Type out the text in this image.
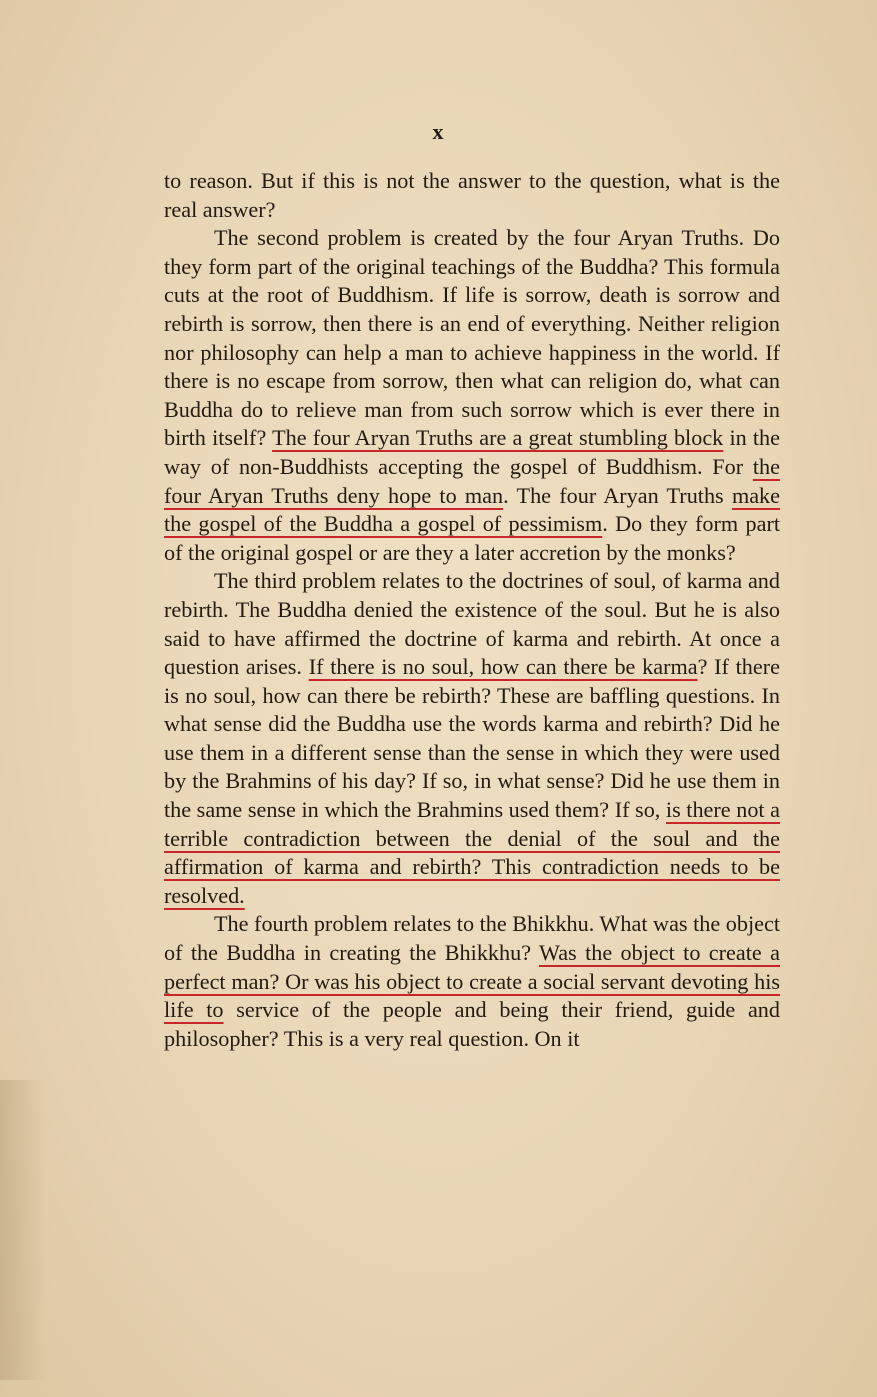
x

to reason. But if this is not the answer to the question, what is the real answer?

The second problem is created by the four Aryan Truths. Do they form part of the original teachings of the Buddha? This formula cuts at the root of Buddhism. If life is sorrow, death is sorrow and rebirth is sorrow, then there is an end of everything. Neither religion nor philosophy can help a man to achieve happiness in the world. If there is no escape from sorrow, then what can religion do, what can Buddha do to relieve man from such sorrow which is ever there in birth itself? The four Aryan Truths are a great stumbling block in the way of non-Buddhists accepting the gospel of Buddhism. For the four Aryan Truths deny hope to man. The four Aryan Truths make the gospel of the Buddha a gospel of pessimism. Do they form part of the original gospel or are they a later accretion by the monks?

The third problem relates to the doctrines of soul, of karma and rebirth. The Buddha denied the existence of the soul. But he is also said to have affirmed the doctrine of karma and rebirth. At once a question arises. If there is no soul, how can there be karma? If there is no soul, how can there be rebirth? These are baffling questions. In what sense did the Buddha use the words karma and rebirth? Did he use them in a different sense than the sense in which they were used by the Brahmins of his day? If so, in what sense? Did he use them in the same sense in which the Brahmins used them? If so, is there not a terrible contradiction between the denial of the soul and the affirmation of karma and rebirth? This contradiction needs to be resolved.

The fourth problem relates to the Bhikkhu. What was the object of the Buddha in creating the Bhikkhu? Was the object to create a perfect man? Or was his object to create a social servant devoting his life to service of the people and being their friend, guide and philosopher? This is a very real question. On it
